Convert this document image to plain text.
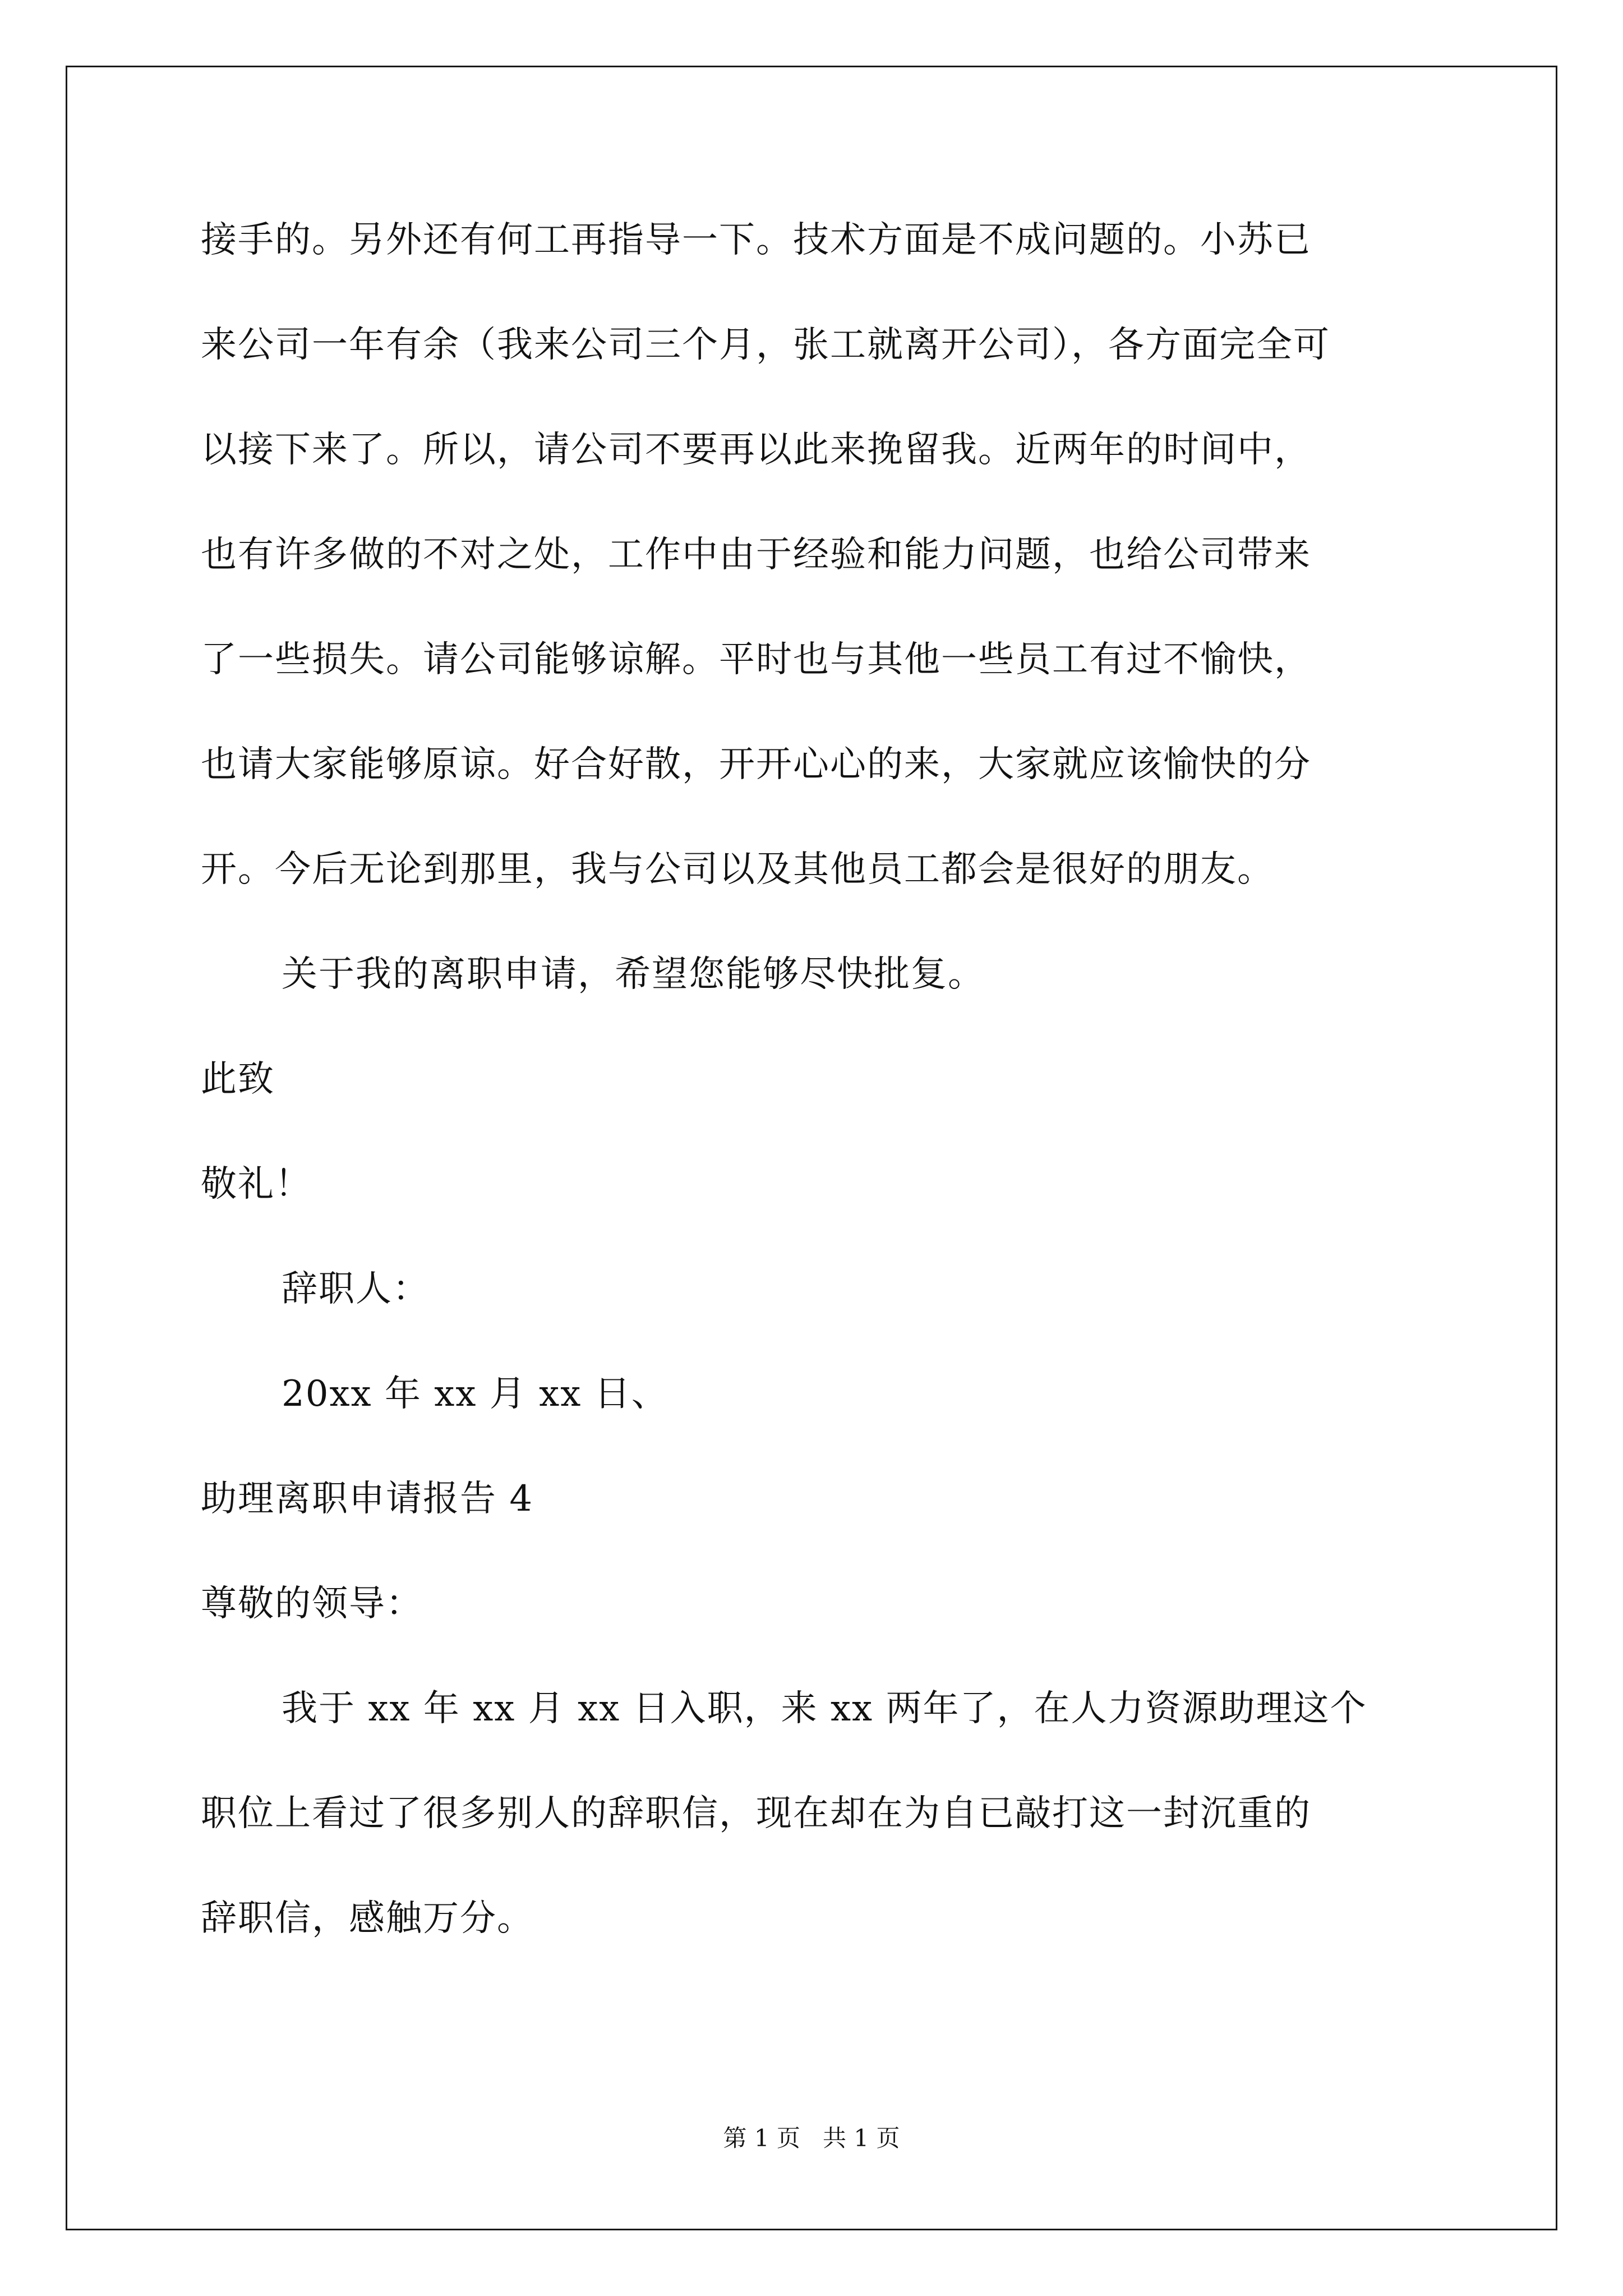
接手的。另外还有何工再指导一下。技术方面是不成问题的。小苏已
来公司一年有余（我来公司三个月，张工就离开公司），各方面完全可
以接下来了。所以，请公司不要再以此来挽留我。近两年的时间中，
也有许多做的不对之处，工作中由于经验和能力问题，也给公司带来
了一些损失。请公司能够谅解。平时也与其他一些员工有过不愉快，
也请大家能够原谅。好合好散，开开心心的来，大家就应该愉快的分
开。今后无论到那里，我与公司以及其他员工都会是很好的朋友。
关于我的离职申请，希望您能够尽快批复。
此致
敬礼！
辞职人：
20xx 年 xx 月 xx 日、
助理离职申请报告 4
尊敬的领导：
我于 xx 年 xx 月 xx 日入职，来 xx 两年了，在人力资源助理这个
职位上看过了很多别人的辞职信，现在却在为自已敲打这一封沉重的
辞职信，感触万分。
第 1 页   共 1 页
